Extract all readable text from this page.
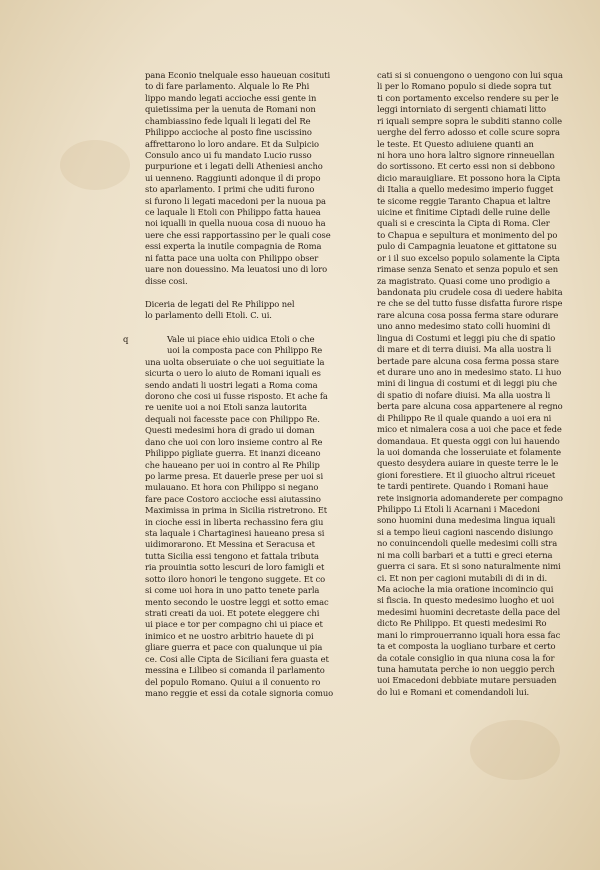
pana Econio tnelquale esso haueuan cosituti
to di fare parlamento. Alquale lo Re Phi
lippo mando legati accioche essi gente in
quietissima per la uenuta de Romani non
chambiassino fede lquali li legati del Re
Philippo accioche al posto fine uscissino
affrettarono lo loro andare. Et da Sulpicio
Consulo anco ui fu mandato Lucio russo
purpurione et i legati delli Atheniesi ancho
ui uenneno. Raggiunti adonque il di propo
sto aparlamento. I primi che uditi furono
si furono li legati macedoni per la nuoua pa
ce laquale li Etoli con Philippo fatta hauea
noi iqualli in quella nuoua cosa di nuouo ha
uere che essi rapportassino per le quali cose
essi experta la inutile compagnia de Roma
ni fatta pace una uolta con Philippo obser
uare non douessino. Ma leuatosi uno di loro
disse cosi.
Diceria de legati del Re Philippo nel
lo parlamento delli Etoli. C. ui.
q	Vale ui piace ehio uidica Etoli o che
uoi la composta pace con Philippo Re
una uolta obseruiate o che uoi seguitiate la
sicurta o uero lo aiuto de Romani iquali es
sendo andati li uostri legati a Roma coma
dorono che cosi ui fusse risposto. Et ache fa
re uenite uoi a noi Etoli sanza lautorita
dequali noi facesste pace con Philippo Re.
Questi medesimi hora di grado ui doman
dano che uoi con loro insieme contro al Re
Philippo pigliate guerra. Et inanzi diceano
che haueano per uoi in contro al Re Philip
po larme presa. Et dauerle prese per uoi si
mulauano. Et hora con Philippo si negano
fare pace Costoro accioche essi aiutassino
Maximissa in prima in Sicilia ristretrono. Et
in cioche essi in liberta rechassino fera giu
sta laquale i Chartaginesi haueano presa si
uidimorarono. Et Messina et Seracusa et
tutta Sicilia essi tengono et fattala tributa
ria prouintia sotto lescuri de loro famigli et
sotto iloro honori le tengono suggete. Et co
si come uoi hora in uno patto tenete parla
mento secondo le uostre leggi et sotto emac
strati creati da uoi. Et potete eleggere chi
ui piace e tor per compagno chi ui piace et
inimico et ne uostro arbitrio hauete di pi
gliare guerra et pace con qualunque ui pia
ce. Cosi alle Cipta de Siciliani fera guasta et
messina e Lilibeo si comanda il parlamento
del populo Romano. Quiui a il conuento ro
mano reggie et essi da cotale signoria comuo
cati si si conuengono o uengono con lui squa
li per lo Romano populo si diede sopra tut
ti con portamento excelso rendere su per le
leggi intorniato di sergenti chiamati litto
ri iquali sempre sopra le subditi stanno colle
uerghe del ferro adosso et colle scure sopra
le teste. Et Questo adiuiene quanti an
ni hora uno hora laltro signore rinneuellan
do sortissono. Et certo essi non si debbono
dicio marauigliare. Et possono hora la Cipta
di Italia a quello medesimo imperio fugget
te sicome reggie Taranto Chapua et laltre
uicine et finitime Ciptadi delle ruine delle
quali si e crescinta la Cipta di Roma. Cler
to Chapua e sepultura et monimento del po
pulo di Campagnia leuatone et gittatone su
or i il suo excelso populo solamente la Cipta
rimase senza Senato et senza populo et sen
za magistrato. Quasi come uno prodigio a
bandonata piu crudele cosa di uedere habita
re che se del tutto fusse disfatta furore rispe
rare alcuna cosa possa ferma stare odurare
uno anno medesimo stato colli huomini di
lingua di Costumi et leggi piu che di spatio
di mare et di terra diuisi. Ma alla uostra li
bertade pare alcuna cosa ferma possa stare
et durare uno ano in medesimo stato. Li huo
mini di lingua di costumi et di leggi piu che
di spatio di nofare diuisi. Ma alla uostra li
berta pare alcuna cosa appartenere al regno
di Philippo Re il quale quando a uoi era ni
mico et nimalera cosa a uoi che pace et fede
domandaua. Et questa oggi con lui hauendo
la uoi domanda che losseruiate et folamente
questo desydera auiare in queste terre le le
gioni forestiere. Et il giuocho altrui riceuet
te tardi pentirete. Quando i Romani haue
rete insignoria adomanderete per compagno
Philippo Li Etoli li Acarnani i Macedoni
sono huomini duna medesima lingua iquali
si a tempo lieui cagioni nascendo disiungo
no conuincendoli quelle medesimi colli stra
ni ma colli barbari et a tutti e greci eterna
guerra ci sara. Et si sono naturalmente nimi
ci. Et non per cagioni mutabili di di in di.
Ma acioche la mia oratione incomincio qui
si fiscia. In questo medesimo luogho et uoi
medesimi huomini decretaste della pace del
dicto Re Philippo. Et questi medesimi Ro
mani lo rimprouerranno iquali hora essa fac
ta et composta la uogliano turbare et certo
da cotale consiglio in qua niuna cosa la for
tuna hamutata perche io non ueggio perch
uoi Emacedoni debbiate mutare persuaden
do lui e Romani et comendandoli lui.
